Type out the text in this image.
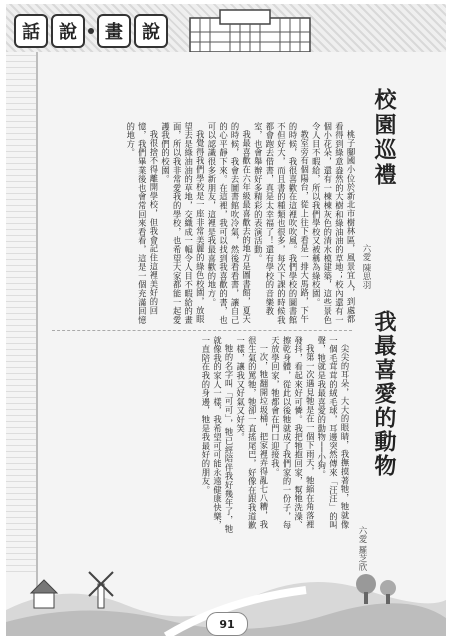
話	說	畫	說
校園巡禮
六愛 陳思羽

桃子腳國小位於新北市樹林區，風景宜人，到處都看得到綠意盎然的大樹和綠油油的草地；校內還有一個小花朵，還有一棟棟灰色的清水模建築，這些景色令人目不暇給，所以我們學校又被稱為綠校園。

教室旁有個陽台，從上往下看是一排大馬路，下午的時候，我很喜歡在這裡吹吹風。我們學校的圖書館不但好大，而且書的種類也很多，每次下課的時候我都會跑去借書，真是太幸福了！還有學校的音樂教室，也會舉辦好多精彩的表演活動。

我最喜歡在六年級最喜歡去的地方是圖書館，夏天的時候，我會去圖書館吹冷氣，然後看看書，讓自己的心平靜下來。在這裡，我可以找到我喜歡的書，也可以認識很多新朋友，這裡是我最喜歡的地方。

我覺得我們學校是一座非常美麗的綠色校園，放眼望去是綠油油的草地，交織成一幅令人目不暇給的畫面，所以我非常愛我的學校，也希望大家都能一起愛護我們的校園。

我很捨不得離開學校，但我會記住這裡美好的回憶，我們畢業後也會常回來看看，這是一個充滿回憶的地方。

我最喜愛的動物
六愛 羅芝欣

尖尖的耳朵，大大的眼睛，我撫摸著牠，牠就像一個毛茸茸的絨毛球，耳邊突然傳來「汪汪」的叫聲，牠就是我最喜愛的動物──小狗。

我第一次遇見牠是在一個下雨天，牠縮在角落裡發抖，看起來好可憐。我把牠抱回家，幫牠洗澡、擦乾身體，從此以後牠就成了我們家的一份子，每天放學回家，牠都會在門口迎接我。

一次，牠翻開垃圾桶，把家裡弄得亂七八糟，我很生氣的罵牠，牠卻一直搖尾巴，好像在跟我道歉一樣，讓我又好氣又好笑。

牠的名字叫「可可」，牠已經陪伴我好幾年了，牠就像我的家人一樣，我希望可可能永遠健康快樂，一直陪在我的身邊，牠是我最好的朋友。

91
